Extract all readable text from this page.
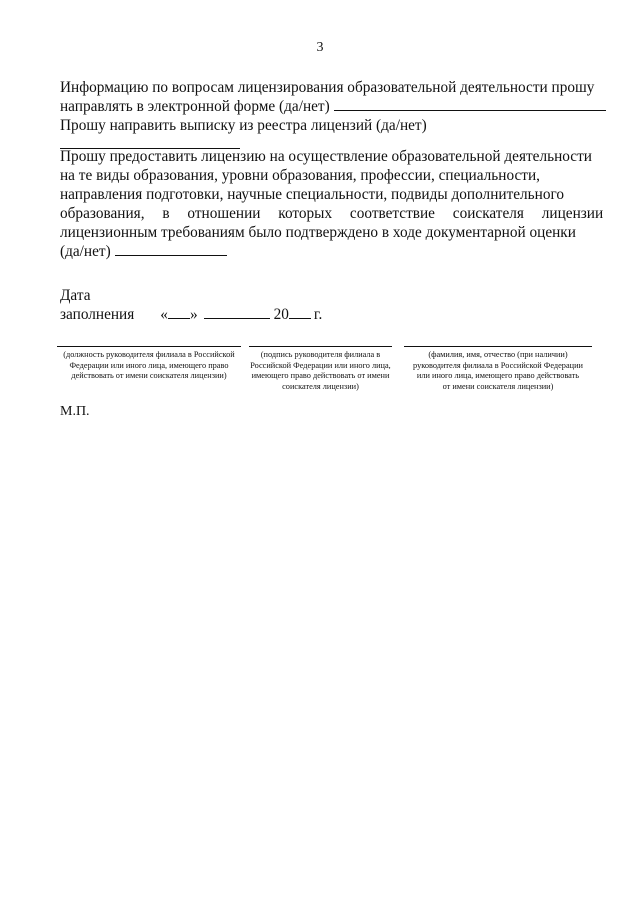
3
Информацию по вопросам лицензирования образовательной деятельности прошу
направлять в электронной форме (да/нет)
Прошу направить выписку из реестра лицензий (да/нет)
Прошу предоставить лицензию на осуществление образовательной деятельности
на те виды образования, уровни образования, профессии, специальности,
направления подготовки, научные специальности, подвиды дополнительного
образования, в отношении которых соответствие соискателя лицензии
лицензионным требованиям было подтверждено в ходе документарной оценки
(да/нет)
Дата
заполнения « »	20 г.
(должность руководителя филиала в Российской
Федерации или иного лица, имеющего право
действовать от имени соискателя лицензии)
(подпись руководителя филиала в
Российской Федерации или иного лица,
имеющего право действовать от имени
соискателя лицензии)
(фамилия, имя, отчество (при наличии)
руководителя филиала в Российской Федерации
или иного лица, имеющего право действовать
от имени соискателя лицензии)
М.П.
